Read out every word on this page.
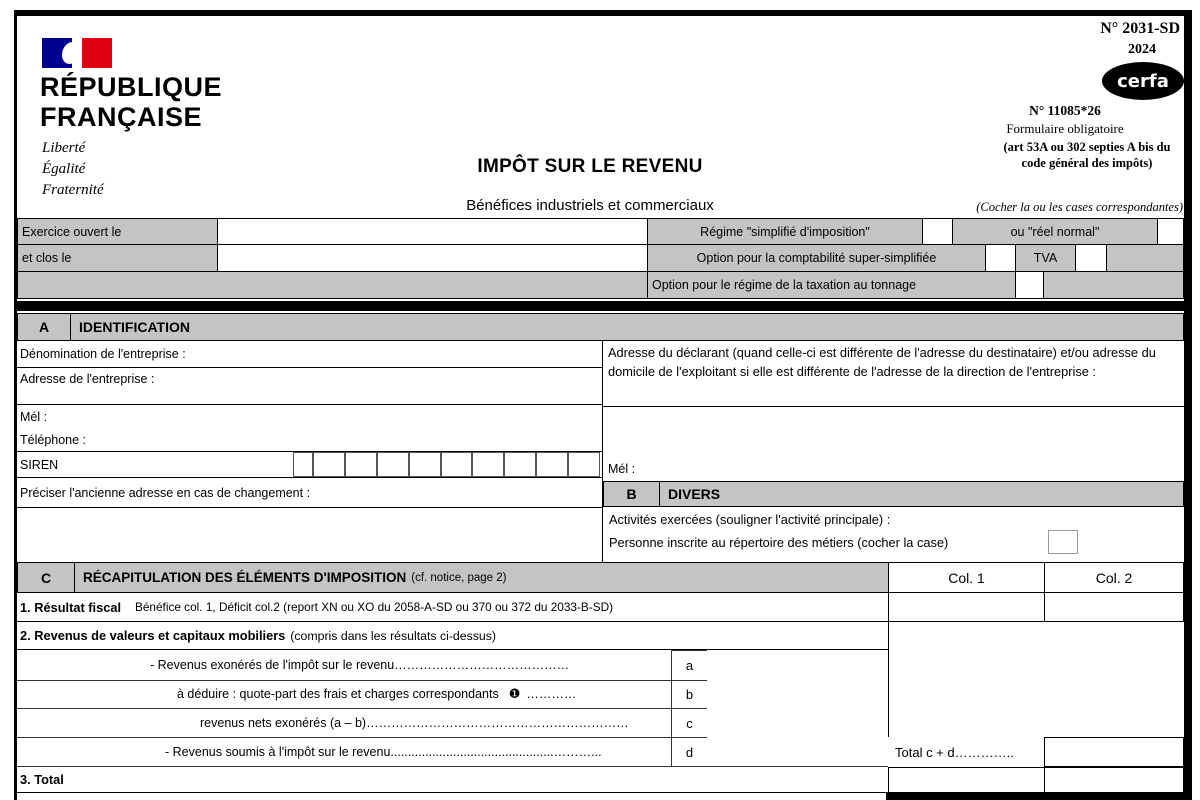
RÉPUBLIQUE
FRANÇAISE
Liberté
Égalité
Fraternité
IMPÔT SUR LE REVENU
Bénéfices industriels et commerciaux
N° 2031-SD
2024
cerfa
N° 11085*26
Formulaire obligatoire
(art 53A ou 302 septies A bis du code général des impôts)
(Cocher la ou les cases correspondantes)
Exercice ouvert le	Régime "simplifié d'imposition"	ou "réel normal"
et clos le	Option pour la comptabilité super-simplifiée	TVA
Option pour le régime de la taxation au tonnage
A	IDENTIFICATION
Dénomination de l'entreprise :
Adresse de l'entreprise :
Mél :
Téléphone :
SIREN
Préciser l'ancienne adresse en cas de changement :
Adresse du déclarant (quand celle-ci est différente de l'adresse du destinataire) et/ou adresse du domicile de l'exploitant si elle est différente de l'adresse de la direction de l'entreprise :
Mél :
B	DIVERS
Activités exercées (souligner l'activité principale) :
Personne inscrite au répertoire des métiers (cocher la case)
C	RÉCAPITULATION DES ÉLÉMENTS D'IMPOSITION (cf. notice, page 2)	Col. 1	Col. 2
1. Résultat fiscal Bénéfice col. 1, Déficit col.2 (report XN ou XO du 2058-A-SD ou 370 ou 372 du 2033-B-SD)
2. Revenus de valeurs et capitaux mobiliers (compris dans les résultats ci-dessus)
- Revenus exonérés de l'impôt sur le revenu……………………………………	a
à déduire : quote-part des frais et charges correspondants ❶ …………	b
revenus nets exonérés (a – b)………………………………………………………	c
- Revenus soumis à l'impôt sur le revenu...............................................………...	d	Total c + d…………..
3. Total
